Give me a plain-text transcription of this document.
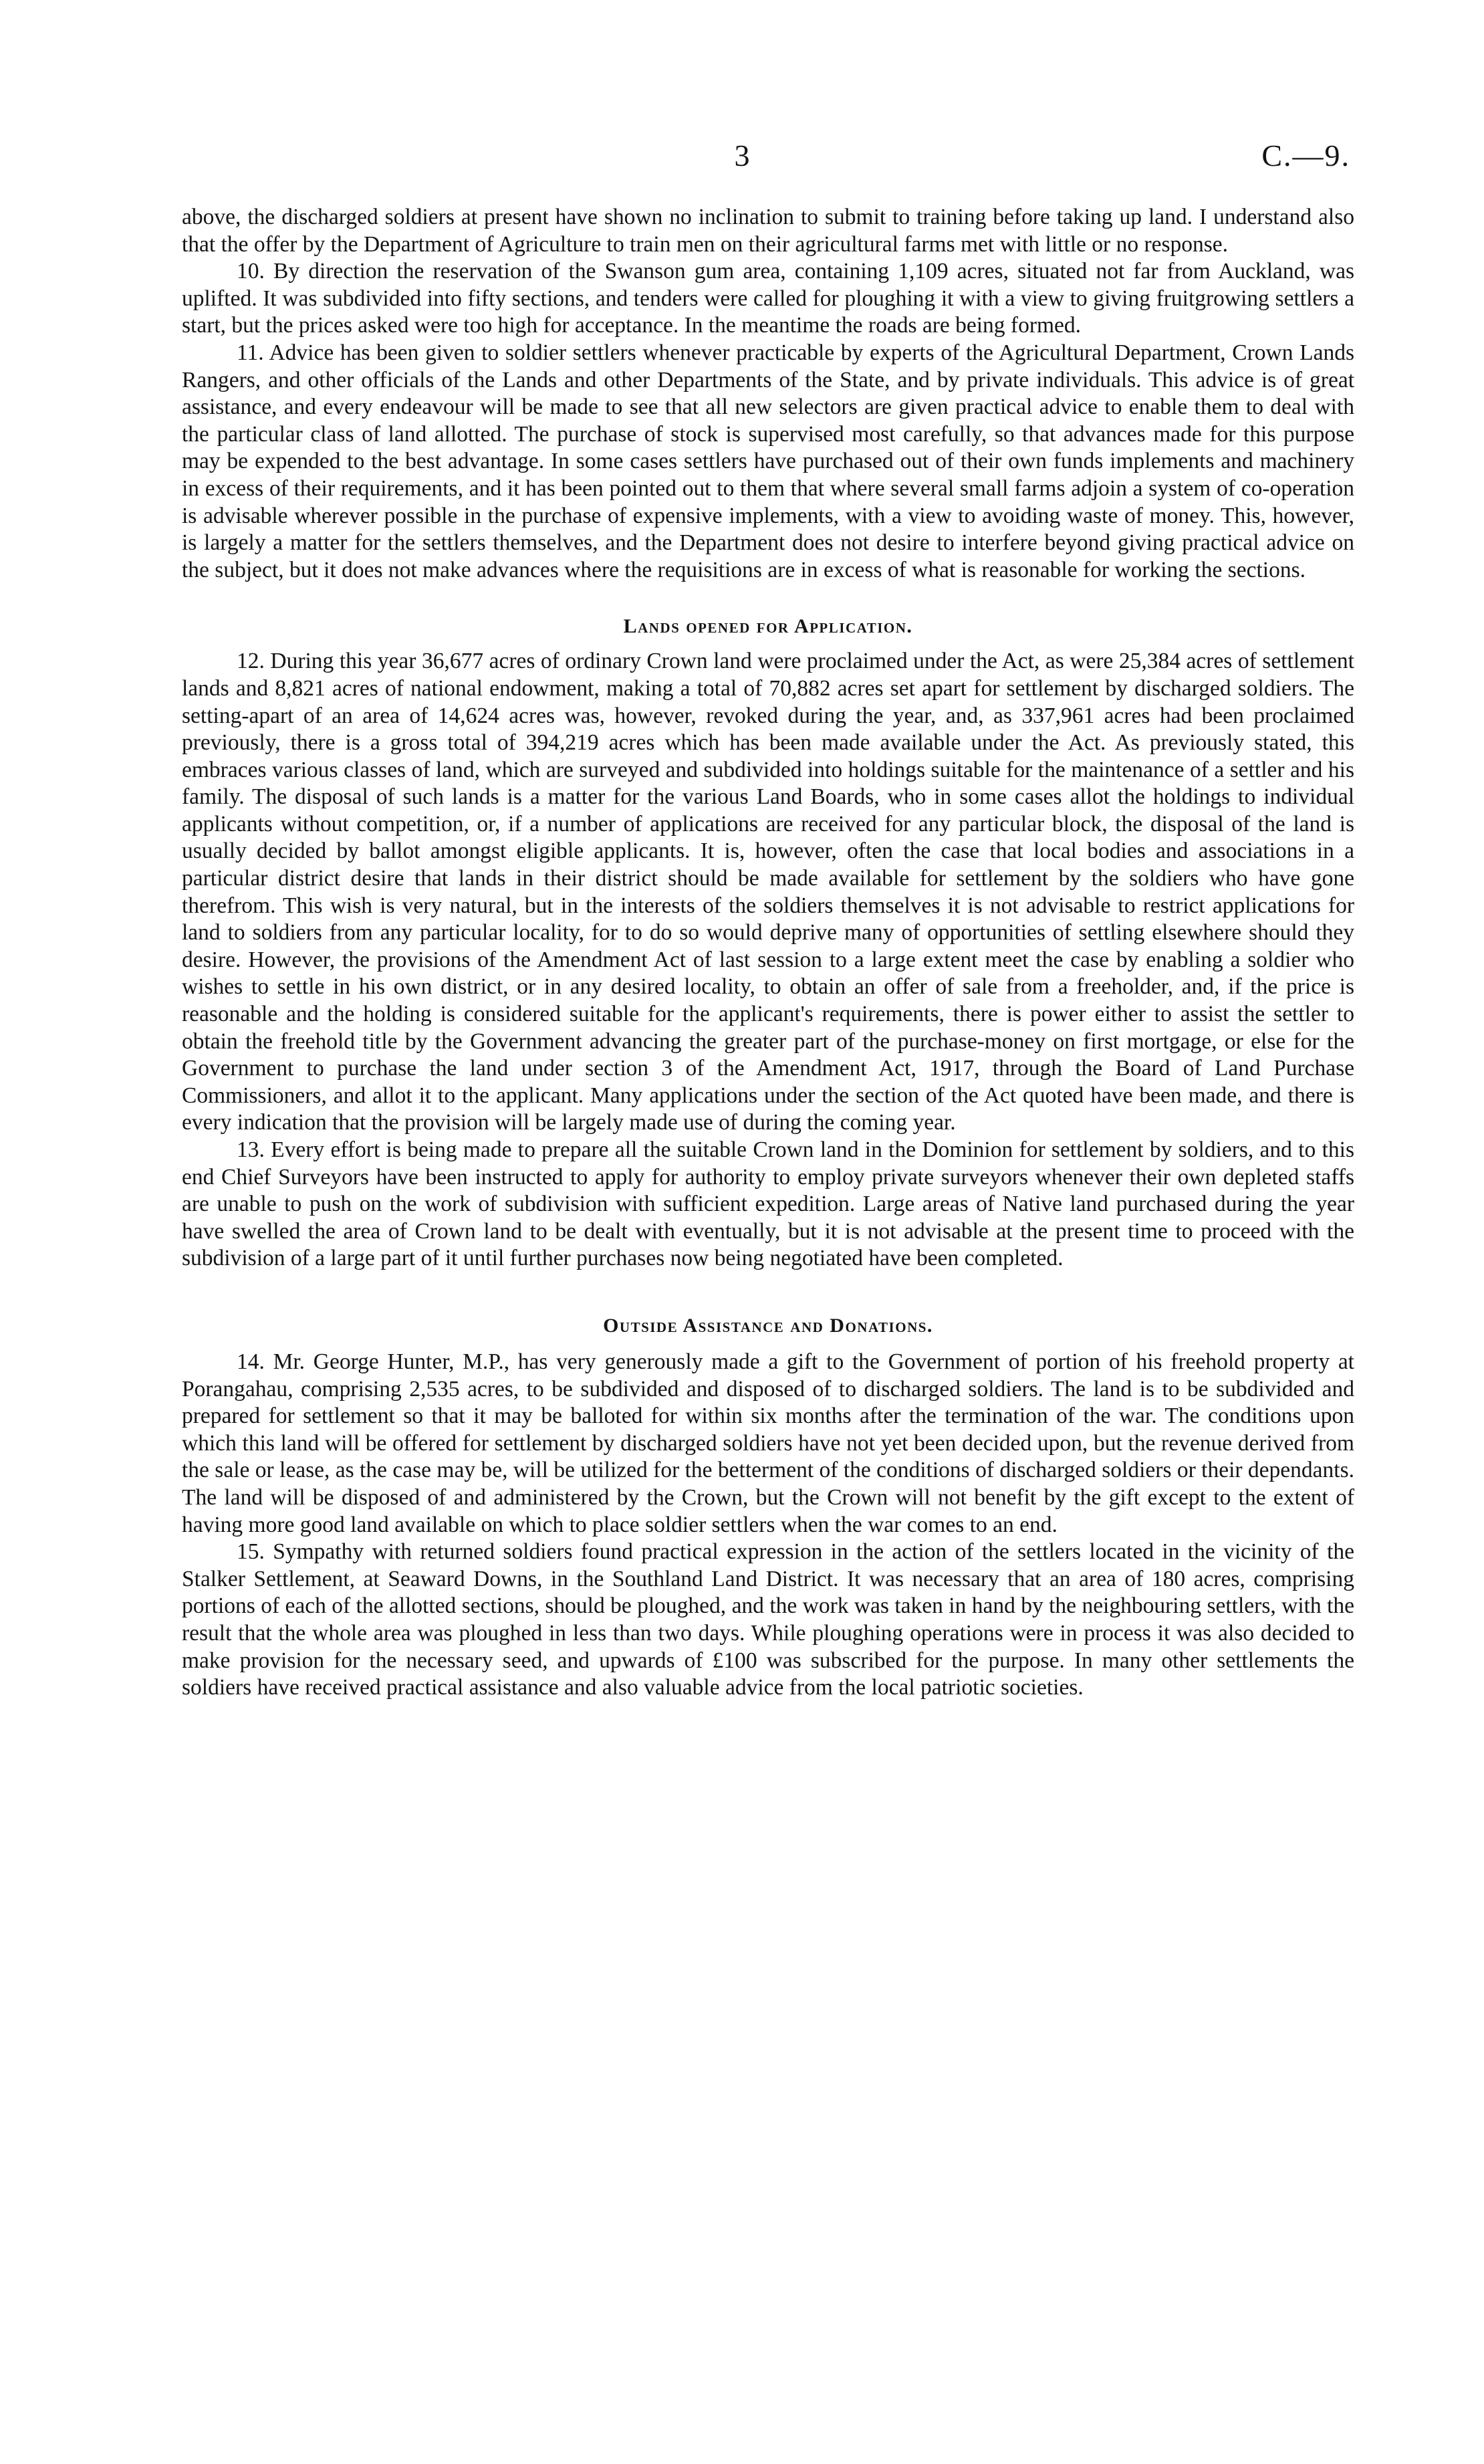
3	C.—9.

above, the discharged soldiers at present have shown no inclination to submit to training before taking up land. I understand also that the offer by the Department of Agriculture to train men on their agricultural farms met with little or no response.

10. By direction the reservation of the Swanson gum area, containing 1,109 acres, situated not far from Auckland, was uplifted. It was subdivided into fifty sections, and tenders were called for ploughing it with a view to giving fruitgrowing settlers a start, but the prices asked were too high for acceptance. In the meantime the roads are being formed.

11. Advice has been given to soldier settlers whenever practicable by experts of the Agricultural Department, Crown Lands Rangers, and other officials of the Lands and other Departments of the State, and by private individuals. This advice is of great assistance, and every endeavour will be made to see that all new selectors are given practical advice to enable them to deal with the particular class of land allotted. The purchase of stock is supervised most carefully, so that advances made for this purpose may be expended to the best advantage. In some cases settlers have purchased out of their own funds implements and machinery in excess of their requirements, and it has been pointed out to them that where several small farms adjoin a system of co-operation is advisable wherever possible in the purchase of expensive implements, with a view to avoiding waste of money. This, however, is largely a matter for the settlers themselves, and the Department does not desire to interfere beyond giving practical advice on the subject, but it does not make advances where the requisitions are in excess of what is reasonable for working the sections.

Lands opened for Application.

12. During this year 36,677 acres of ordinary Crown land were proclaimed under the Act, as were 25,384 acres of settlement lands and 8,821 acres of national endowment, making a total of 70,882 acres set apart for settlement by discharged soldiers. The setting-apart of an area of 14,624 acres was, however, revoked during the year, and, as 337,961 acres had been proclaimed previously, there is a gross total of 394,219 acres which has been made available under the Act. As previously stated, this embraces various classes of land, which are surveyed and subdivided into holdings suitable for the maintenance of a settler and his family. The disposal of such lands is a matter for the various Land Boards, who in some cases allot the holdings to individual applicants without competition, or, if a number of applications are received for any particular block, the disposal of the land is usually decided by ballot amongst eligible applicants. It is, however, often the case that local bodies and associations in a particular district desire that lands in their district should be made available for settlement by the soldiers who have gone therefrom. This wish is very natural, but in the interests of the soldiers themselves it is not advisable to restrict applications for land to soldiers from any particular locality, for to do so would deprive many of opportunities of settling elsewhere should they desire. However, the provisions of the Amendment Act of last session to a large extent meet the case by enabling a soldier who wishes to settle in his own district, or in any desired locality, to obtain an offer of sale from a freeholder, and, if the price is reasonable and the holding is considered suitable for the applicant's requirements, there is power either to assist the settler to obtain the freehold title by the Government advancing the greater part of the purchase-money on first mortgage, or else for the Government to purchase the land under section 3 of the Amendment Act, 1917, through the Board of Land Purchase Commissioners, and allot it to the applicant. Many applications under the section of the Act quoted have been made, and there is every indication that the provision will be largely made use of during the coming year.

13. Every effort is being made to prepare all the suitable Crown land in the Dominion for settlement by soldiers, and to this end Chief Surveyors have been instructed to apply for authority to employ private surveyors whenever their own depleted staffs are unable to push on the work of subdivision with sufficient expedition. Large areas of Native land purchased during the year have swelled the area of Crown land to be dealt with eventually, but it is not advisable at the present time to proceed with the subdivision of a large part of it until further purchases now being negotiated have been completed.

Outside Assistance and Donations.

14. Mr. George Hunter, M.P., has very generously made a gift to the Government of portion of his freehold property at Porangahau, comprising 2,535 acres, to be subdivided and disposed of to discharged soldiers. The land is to be subdivided and prepared for settlement so that it may be balloted for within six months after the termination of the war. The conditions upon which this land will be offered for settlement by discharged soldiers have not yet been decided upon, but the revenue derived from the sale or lease, as the case may be, will be utilized for the betterment of the conditions of discharged soldiers or their dependants. The land will be disposed of and administered by the Crown, but the Crown will not benefit by the gift except to the extent of having more good land available on which to place soldier settlers when the war comes to an end.

15. Sympathy with returned soldiers found practical expression in the action of the settlers located in the vicinity of the Stalker Settlement, at Seaward Downs, in the Southland Land District. It was necessary that an area of 180 acres, comprising portions of each of the allotted sections, should be ploughed, and the work was taken in hand by the neighbouring settlers, with the result that the whole area was ploughed in less than two days. While ploughing operations were in process it was also decided to make provision for the necessary seed, and upwards of £100 was subscribed for the purpose. In many other settlements the soldiers have received practical assistance and also valuable advice from the local patriotic societies.
